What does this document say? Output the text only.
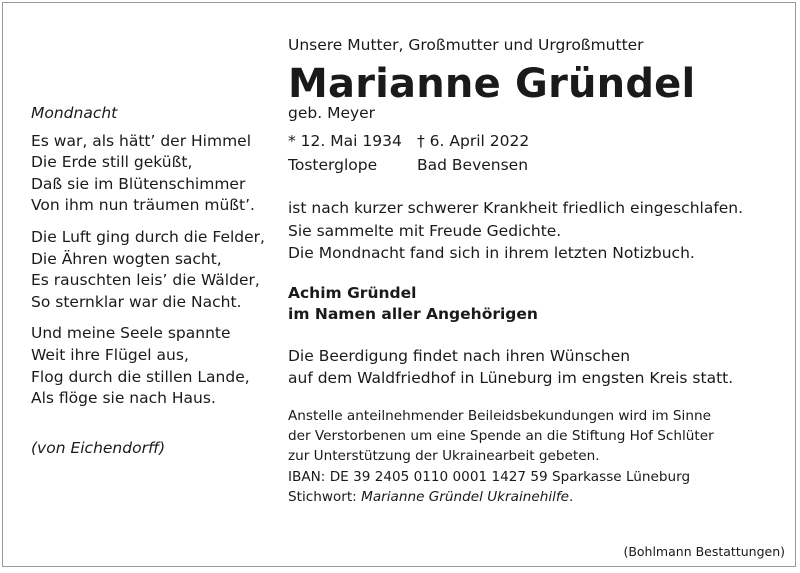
Mondnacht
Es war, als hätt’ der Himmel
Die Erde still geküßt,
Daß sie im Blütenschimmer
Von ihm nun träumen müßt’.
Die Luft ging durch die Felder,
Die Ähren wogten sacht,
Es rauschten leis’ die Wälder,
So sternklar war die Nacht.
Und meine Seele spannte
Weit ihre Flügel aus,
Flog durch die stillen Lande,
Als flöge sie nach Haus.
(von Eichendorff)
Unsere Mutter, Großmutter und Urgroßmutter
Marianne Gründel
geb. Meyer
* 12. Mai 1934 † 6. April 2022
Tosterglope	Bad Bevensen
ist nach kurzer schwerer Krankheit friedlich eingeschlafen.
Sie sammelte mit Freude Gedichte.
Die Mondnacht fand sich in ihrem letzten Notizbuch.
Achim Gründel
im Namen aller Angehörigen
Die Beerdigung findet nach ihren Wünschen
auf dem Waldfriedhof in Lüneburg im engsten Kreis statt.
Anstelle anteilnehmender Beileidsbekundungen wird im Sinne
der Verstorbenen um eine Spende an die Stiftung Hof Schlüter
zur Unterstützung der Ukrainearbeit gebeten.
IBAN: DE 39 2405 0110 0001 1427 59 Sparkasse Lüneburg
Stichwort: Marianne Gründel Ukrainehilfe.
(Bohlmann Bestattungen)
